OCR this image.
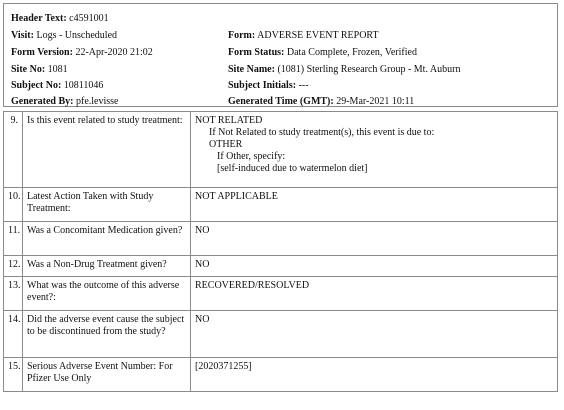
Header Text: c4591001
Visit: Logs - Unscheduled	Form: ADVERSE EVENT REPORT
Form Version: 22-Apr-2020 21:02	Form Status: Data Complete, Frozen, Verified
Site No: 1081	Site Name: (1081) Sterling Research Group - Mt. Auburn
Subject No: 10811046	Subject Initials: ---
Generated By: pfe.levisse	Generated Time (GMT): 29-Mar-2021 10:11
9.	Is this event related to study treatment:	NOT RELATED
If Not Related to study treatment(s), this event is due to:
OTHER
If Other, specify:
[self-induced due to watermelon diet]

10.	Latest Action Taken with Study Treatment:	NOT APPLICABLE
11.	Was a Concomitant Medication given?	NO
12.	Was a Non-Drug Treatment given?	NO
13.	What was the outcome of this adverse event?:	RECOVERED/RESOLVED
14.	Did the adverse event cause the subject to be discontinued from the study?	NO
15.	Serious Adverse Event Number: For Pfizer Use Only	[2020371255]
